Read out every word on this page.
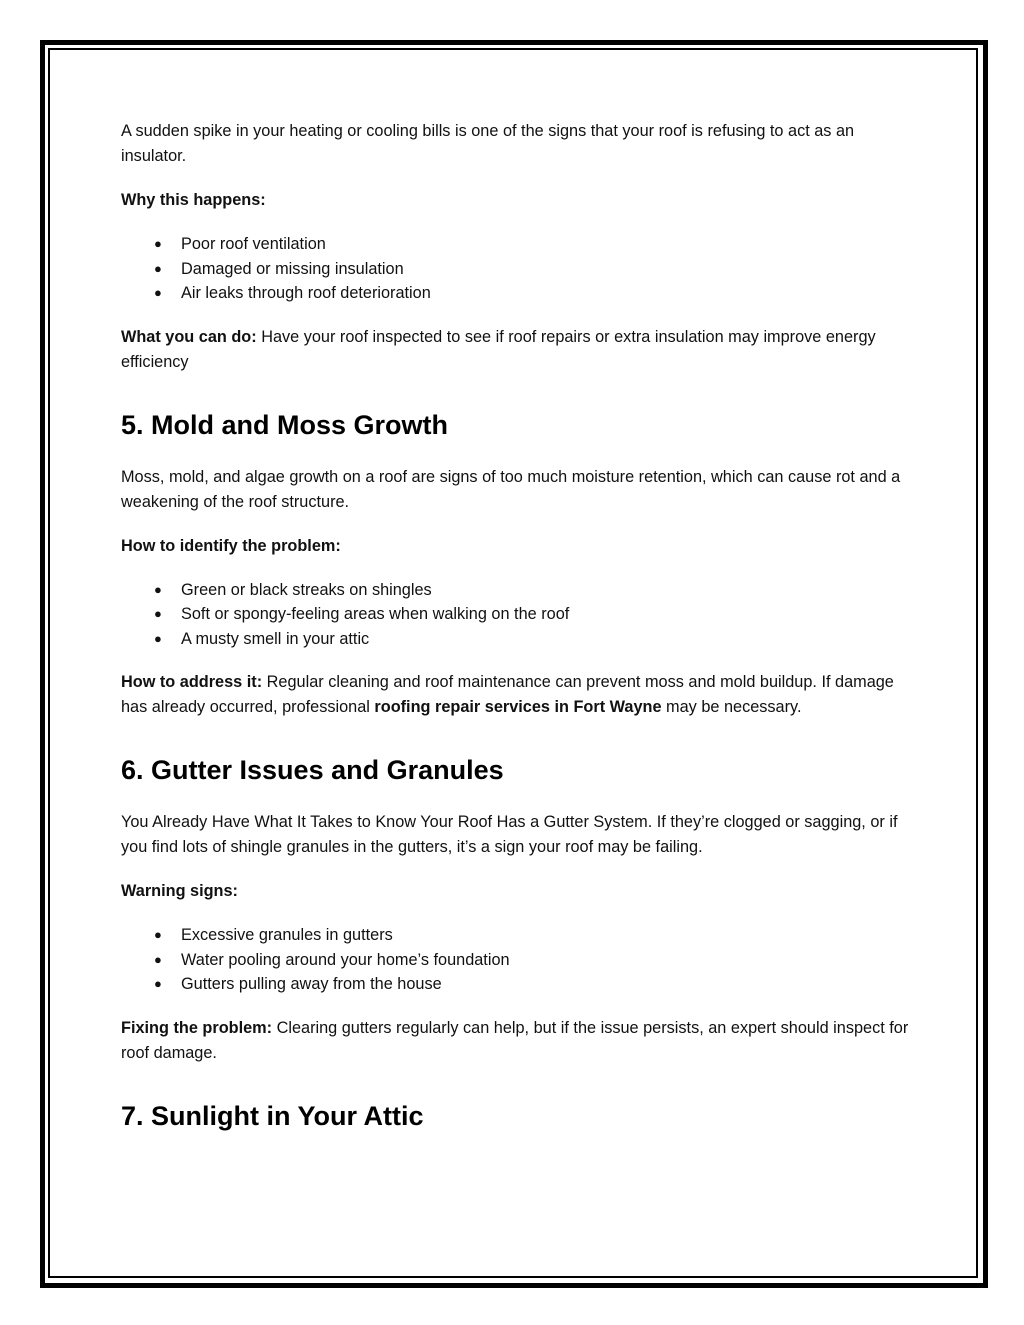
A sudden spike in your heating or cooling bills is one of the signs that your roof is refusing to act as an insulator.

Why this happens:

● Poor roof ventilation
● Damaged or missing insulation
● Air leaks through roof deterioration

What you can do: Have your roof inspected to see if roof repairs or extra insulation may improve energy efficiency

5. Mold and Moss Growth

Moss, mold, and algae growth on a roof are signs of too much moisture retention, which can cause rot and a weakening of the roof structure.

How to identify the problem:

● Green or black streaks on shingles
● Soft or spongy-feeling areas when walking on the roof
● A musty smell in your attic

How to address it: Regular cleaning and roof maintenance can prevent moss and mold buildup. If damage has already occurred, professional roofing repair services in Fort Wayne may be necessary.

6. Gutter Issues and Granules

You Already Have What It Takes to Know Your Roof Has a Gutter System. If they’re clogged or sagging, or if you find lots of shingle granules in the gutters, it’s a sign your roof may be failing.

Warning signs:

● Excessive granules in gutters
● Water pooling around your home’s foundation
● Gutters pulling away from the house

Fixing the problem: Clearing gutters regularly can help, but if the issue persists, an expert should inspect for roof damage.

7. Sunlight in Your Attic
